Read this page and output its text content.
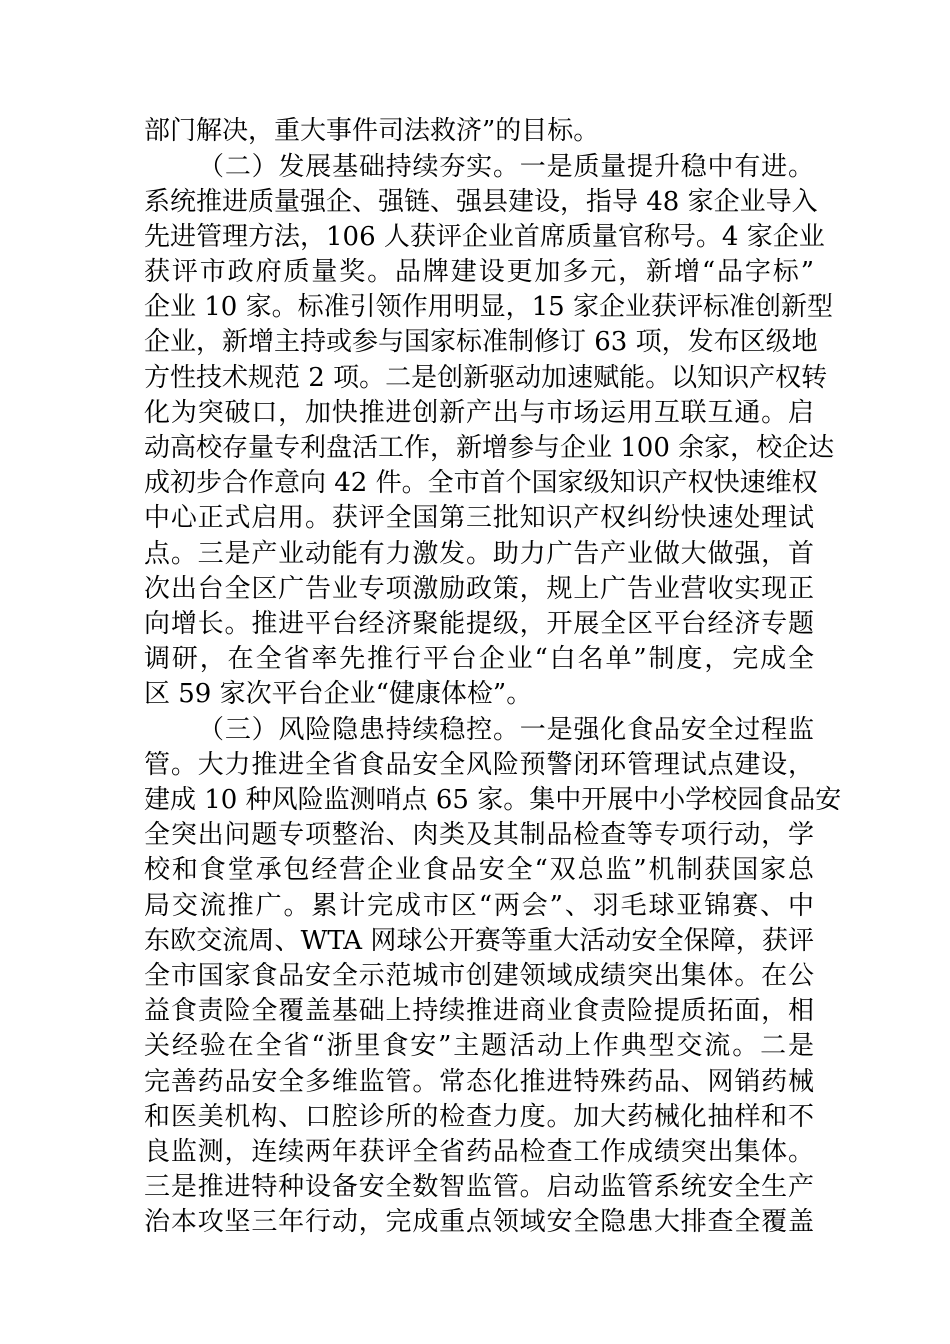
部门解决，重大事件司法救济”的目标。
（二）发展基础持续夯实。一是质量提升稳中有进。
系统推进质量强企、强链、强县建设，指导 48 家企业导入
先进管理方法，106 人获评企业首席质量官称号。4 家企业
获评市政府质量奖。品牌建设更加多元，新增“品字标”
企业 10 家。标准引领作用明显，15 家企业获评标准创新型
企业，新增主持或参与国家标准制修订 63 项，发布区级地
方性技术规范 2 项。二是创新驱动加速赋能。以知识产权转
化为突破口，加快推进创新产出与市场运用互联互通。启
动高校存量专利盘活工作，新增参与企业 100 余家，校企达
成初步合作意向 42 件。全市首个国家级知识产权快速维权
中心正式启用。获评全国第三批知识产权纠纷快速处理试
点。三是产业动能有力激发。助力广告产业做大做强，首
次出台全区广告业专项激励政策，规上广告业营收实现正
向增长。推进平台经济聚能提级，开展全区平台经济专题
调研，在全省率先推行平台企业“白名单”制度，完成全
区 59 家次平台企业“健康体检”。
（三）风险隐患持续稳控。一是强化食品安全过程监
管。大力推进全省食品安全风险预警闭环管理试点建设，
建成 10 种风险监测哨点 65 家。集中开展中小学校园食品安
全突出问题专项整治、肉类及其制品检查等专项行动，学
校和食堂承包经营企业食品安全“双总监”机制获国家总
局交流推广。累计完成市区“两会”、羽毛球亚锦赛、中
东欧交流周、WTA 网球公开赛等重大活动安全保障，获评
全市国家食品安全示范城市创建领域成绩突出集体。在公
益食责险全覆盖基础上持续推进商业食责险提质拓面，相
关经验在全省“浙里食安”主题活动上作典型交流。二是
完善药品安全多维监管。常态化推进特殊药品、网销药械
和医美机构、口腔诊所的检查力度。加大药械化抽样和不
良监测，连续两年获评全省药品检查工作成绩突出集体。
三是推进特种设备安全数智监管。启动监管系统安全生产
治本攻坚三年行动，完成重点领域安全隐患大排查全覆盖
